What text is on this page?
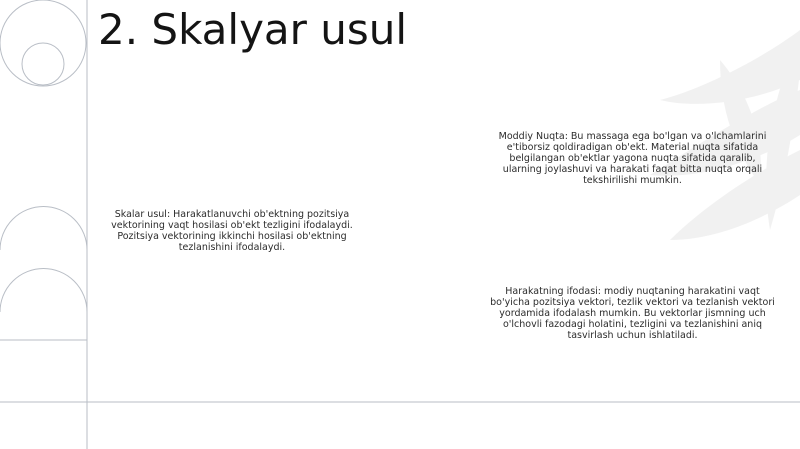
2. Skalyar usul
Moddiy Nuqta: Bu massaga ega bo'lgan va o'lchamlarini e'tiborsiz qoldiradigan ob'ekt. Material nuqta sifatida belgilangan ob'ektlar yagona nuqta sifatida qaralib, ularning joylashuvi va harakati faqat bitta nuqta orqali tekshirilishi mumkin.
Skalar usul: Harakatlanuvchi ob'ektning pozitsiya vektorining vaqt hosilasi ob'ekt tezligini ifodalaydi. Pozitsiya vektorining ikkinchi hosilasi ob'ektning tezlanishini ifodalaydi.
Harakatning ifodasi: modiy nuqtaning harakatini vaqt bo'yicha pozitsiya vektori, tezlik vektori va tezlanish vektori yordamida ifodalash mumkin. Bu vektorlar jismning uch o'lchovli fazodagi holatini, tezligini va tezlanishini aniq tasvirlash uchun ishlatiladi.
